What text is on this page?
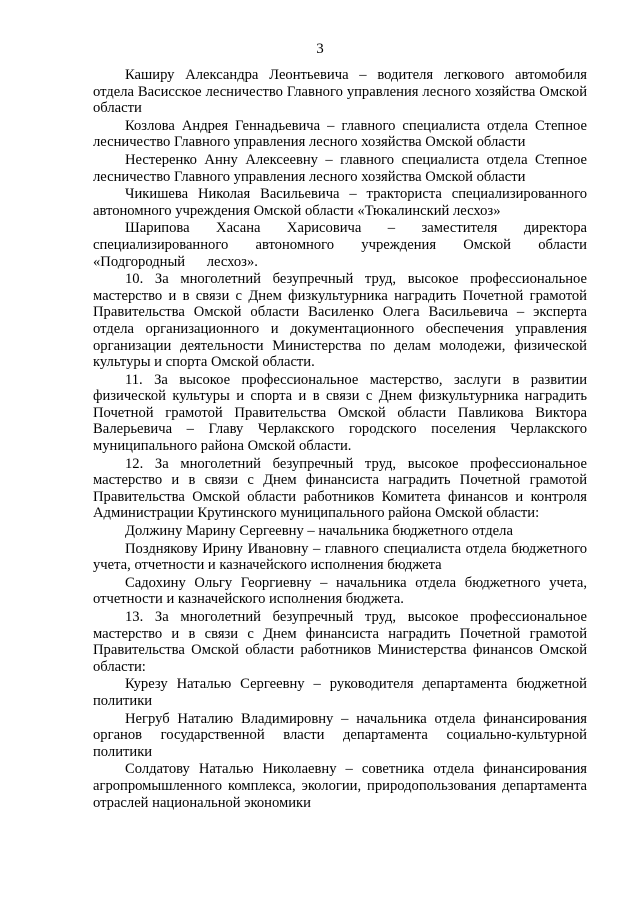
3

Каширу Александра Леонтьевича – водителя легкового автомобиля отдела Васисское лесничество Главного управления лесного хозяйства Омской области

Козлова Андрея Геннадьевича – главного специалиста отдела Степное лесничество Главного управления лесного хозяйства Омской области

Нестеренко Анну Алексеевну – главного специалиста отдела Степное лесничество Главного управления лесного хозяйства Омской области

Чикишева Николая Васильевича – тракториста специализированного автономного учреждения Омской области «Тюкалинский лесхоз»

Шарипова Хасана Харисовича – заместителя директора специализированного автономного учреждения Омской области «Подгородный лесхоз».

10. За многолетний безупречный труд, высокое профессиональное мастерство и в связи с Днем физкультурника наградить Почетной грамотой Правительства Омской области Василенко Олега Васильевича – эксперта отдела организационного и документационного обеспечения управления организации деятельности Министерства по делам молодежи, физической культуры и спорта Омской области.

11. За высокое профессиональное мастерство, заслуги в развитии физической культуры и спорта и в связи с Днем физкультурника наградить Почетной грамотой Правительства Омской области Павликова Виктора Валерьевича – Главу Черлакского городского поселения Черлакского муниципального района Омской области.

12. За многолетний безупречный труд, высокое профессиональное мастерство и в связи с Днем финансиста наградить Почетной грамотой Правительства Омской области работников Комитета финансов и контроля Администрации Крутинского муниципального района Омской области:

Должину Марину Сергеевну – начальника бюджетного отдела

Позднякову Ирину Ивановну – главного специалиста отдела бюджетного учета, отчетности и казначейского исполнения бюджета

Садохину Ольгу Георгиевну – начальника отдела бюджетного учета, отчетности и казначейского исполнения бюджета.

13. За многолетний безупречный труд, высокое профессиональное мастерство и в связи с Днем финансиста наградить Почетной грамотой Правительства Омской области работников Министерства финансов Омской области:

Курезу Наталью Сергеевну – руководителя департамента бюджетной политики

Негруб Наталию Владимировну – начальника отдела финансирования органов государственной власти департамента социально-культурной политики

Солдатову Наталью Николаевну – советника отдела финансирования агропромышленного комплекса, экологии, природопользования департамента отраслей национальной экономики
